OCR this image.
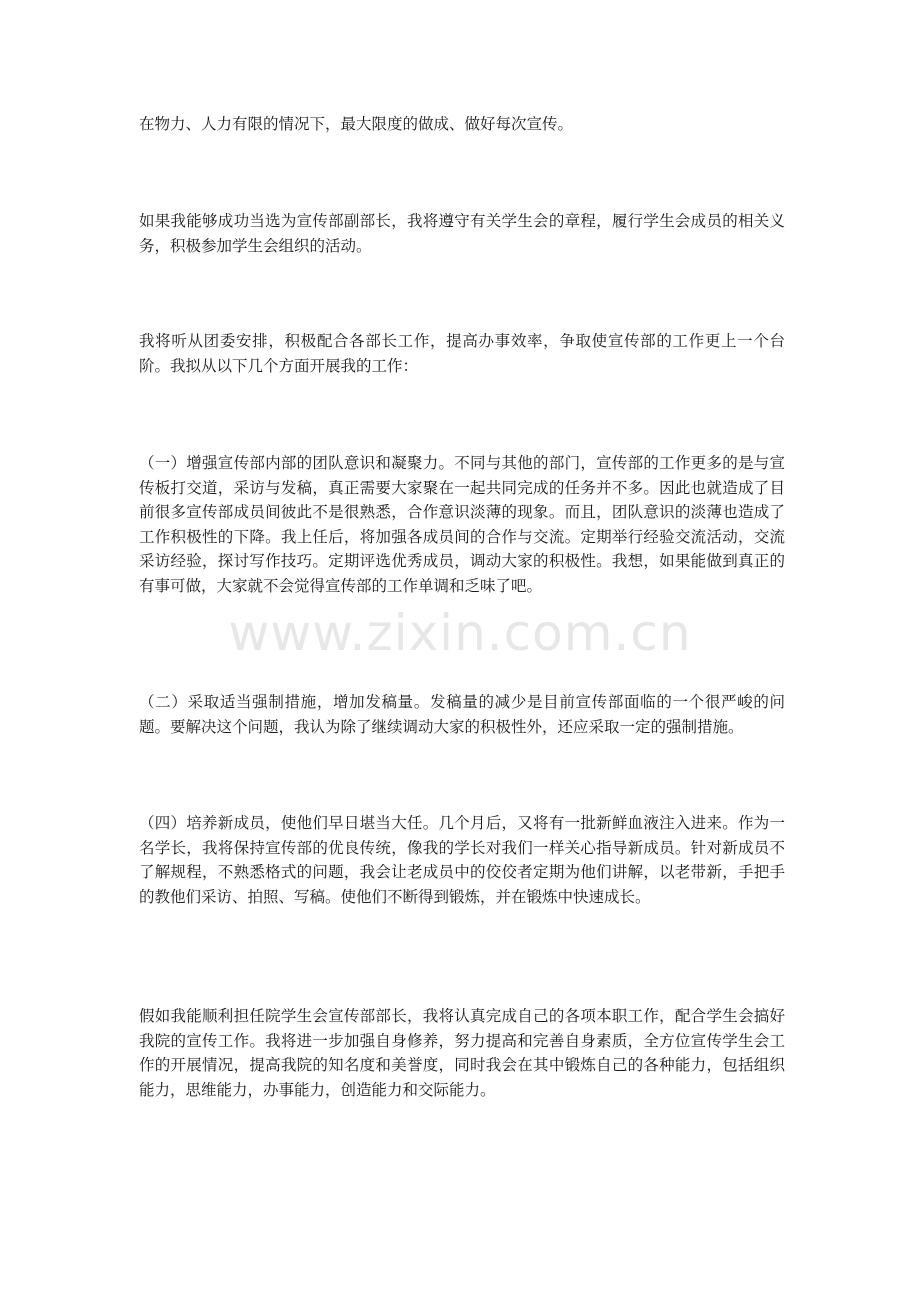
在物力、人力有限的情况下，最大限度的做成、做好每次宣传。

如果我能够成功当选为宣传部副部长，我将遵守有关学生会的章程，履行学生会成员的相关义务，积极参加学生会组织的活动。

我将听从团委安排，积极配合各部长工作，提高办事效率，争取使宣传部的工作更上一个台阶。我拟从以下几个方面开展我的工作：

（一）增强宣传部内部的团队意识和凝聚力。不同与其他的部门，宣传部的工作更多的是与宣传板打交道，采访与发稿，真正需要大家聚在一起共同完成的任务并不多。因此也就造成了目前很多宣传部成员间彼此不是很熟悉，合作意识淡薄的现象。而且，团队意识的淡薄也造成了工作积极性的下降。我上任后，将加强各成员间的合作与交流。定期举行经验交流活动，交流采访经验，探讨写作技巧。定期评选优秀成员，调动大家的积极性。我想，如果能做到真正的有事可做，大家就不会觉得宣传部的工作单调和乏味了吧。

（二）采取适当强制措施，增加发稿量。发稿量的减少是目前宣传部面临的一个很严峻的问题。要解决这个问题，我认为除了继续调动大家的积极性外，还应采取一定的强制措施。

（四）培养新成员，使他们早日堪当大任。几个月后，又将有一批新鲜血液注入进来。作为一名学长，我将保持宣传部的优良传统，像我的学长对我们一样关心指导新成员。针对新成员不了解规程，不熟悉格式的问题，我会让老成员中的佼佼者定期为他们讲解，以老带新，手把手的教他们采访、拍照、写稿。使他们不断得到锻炼，并在锻炼中快速成长。

假如我能顺利担任院学生会宣传部部长，我将认真完成自己的各项本职工作，配合学生会搞好我院的宣传工作。我将进一步加强自身修养，努力提高和完善自身素质，全方位宣传学生会工作的开展情况，提高我院的知名度和美誉度，同时我会在其中锻炼自己的各种能力，包括组织能力，思维能力，办事能力，创造能力和交际能力。

www.zixin.com.cn
